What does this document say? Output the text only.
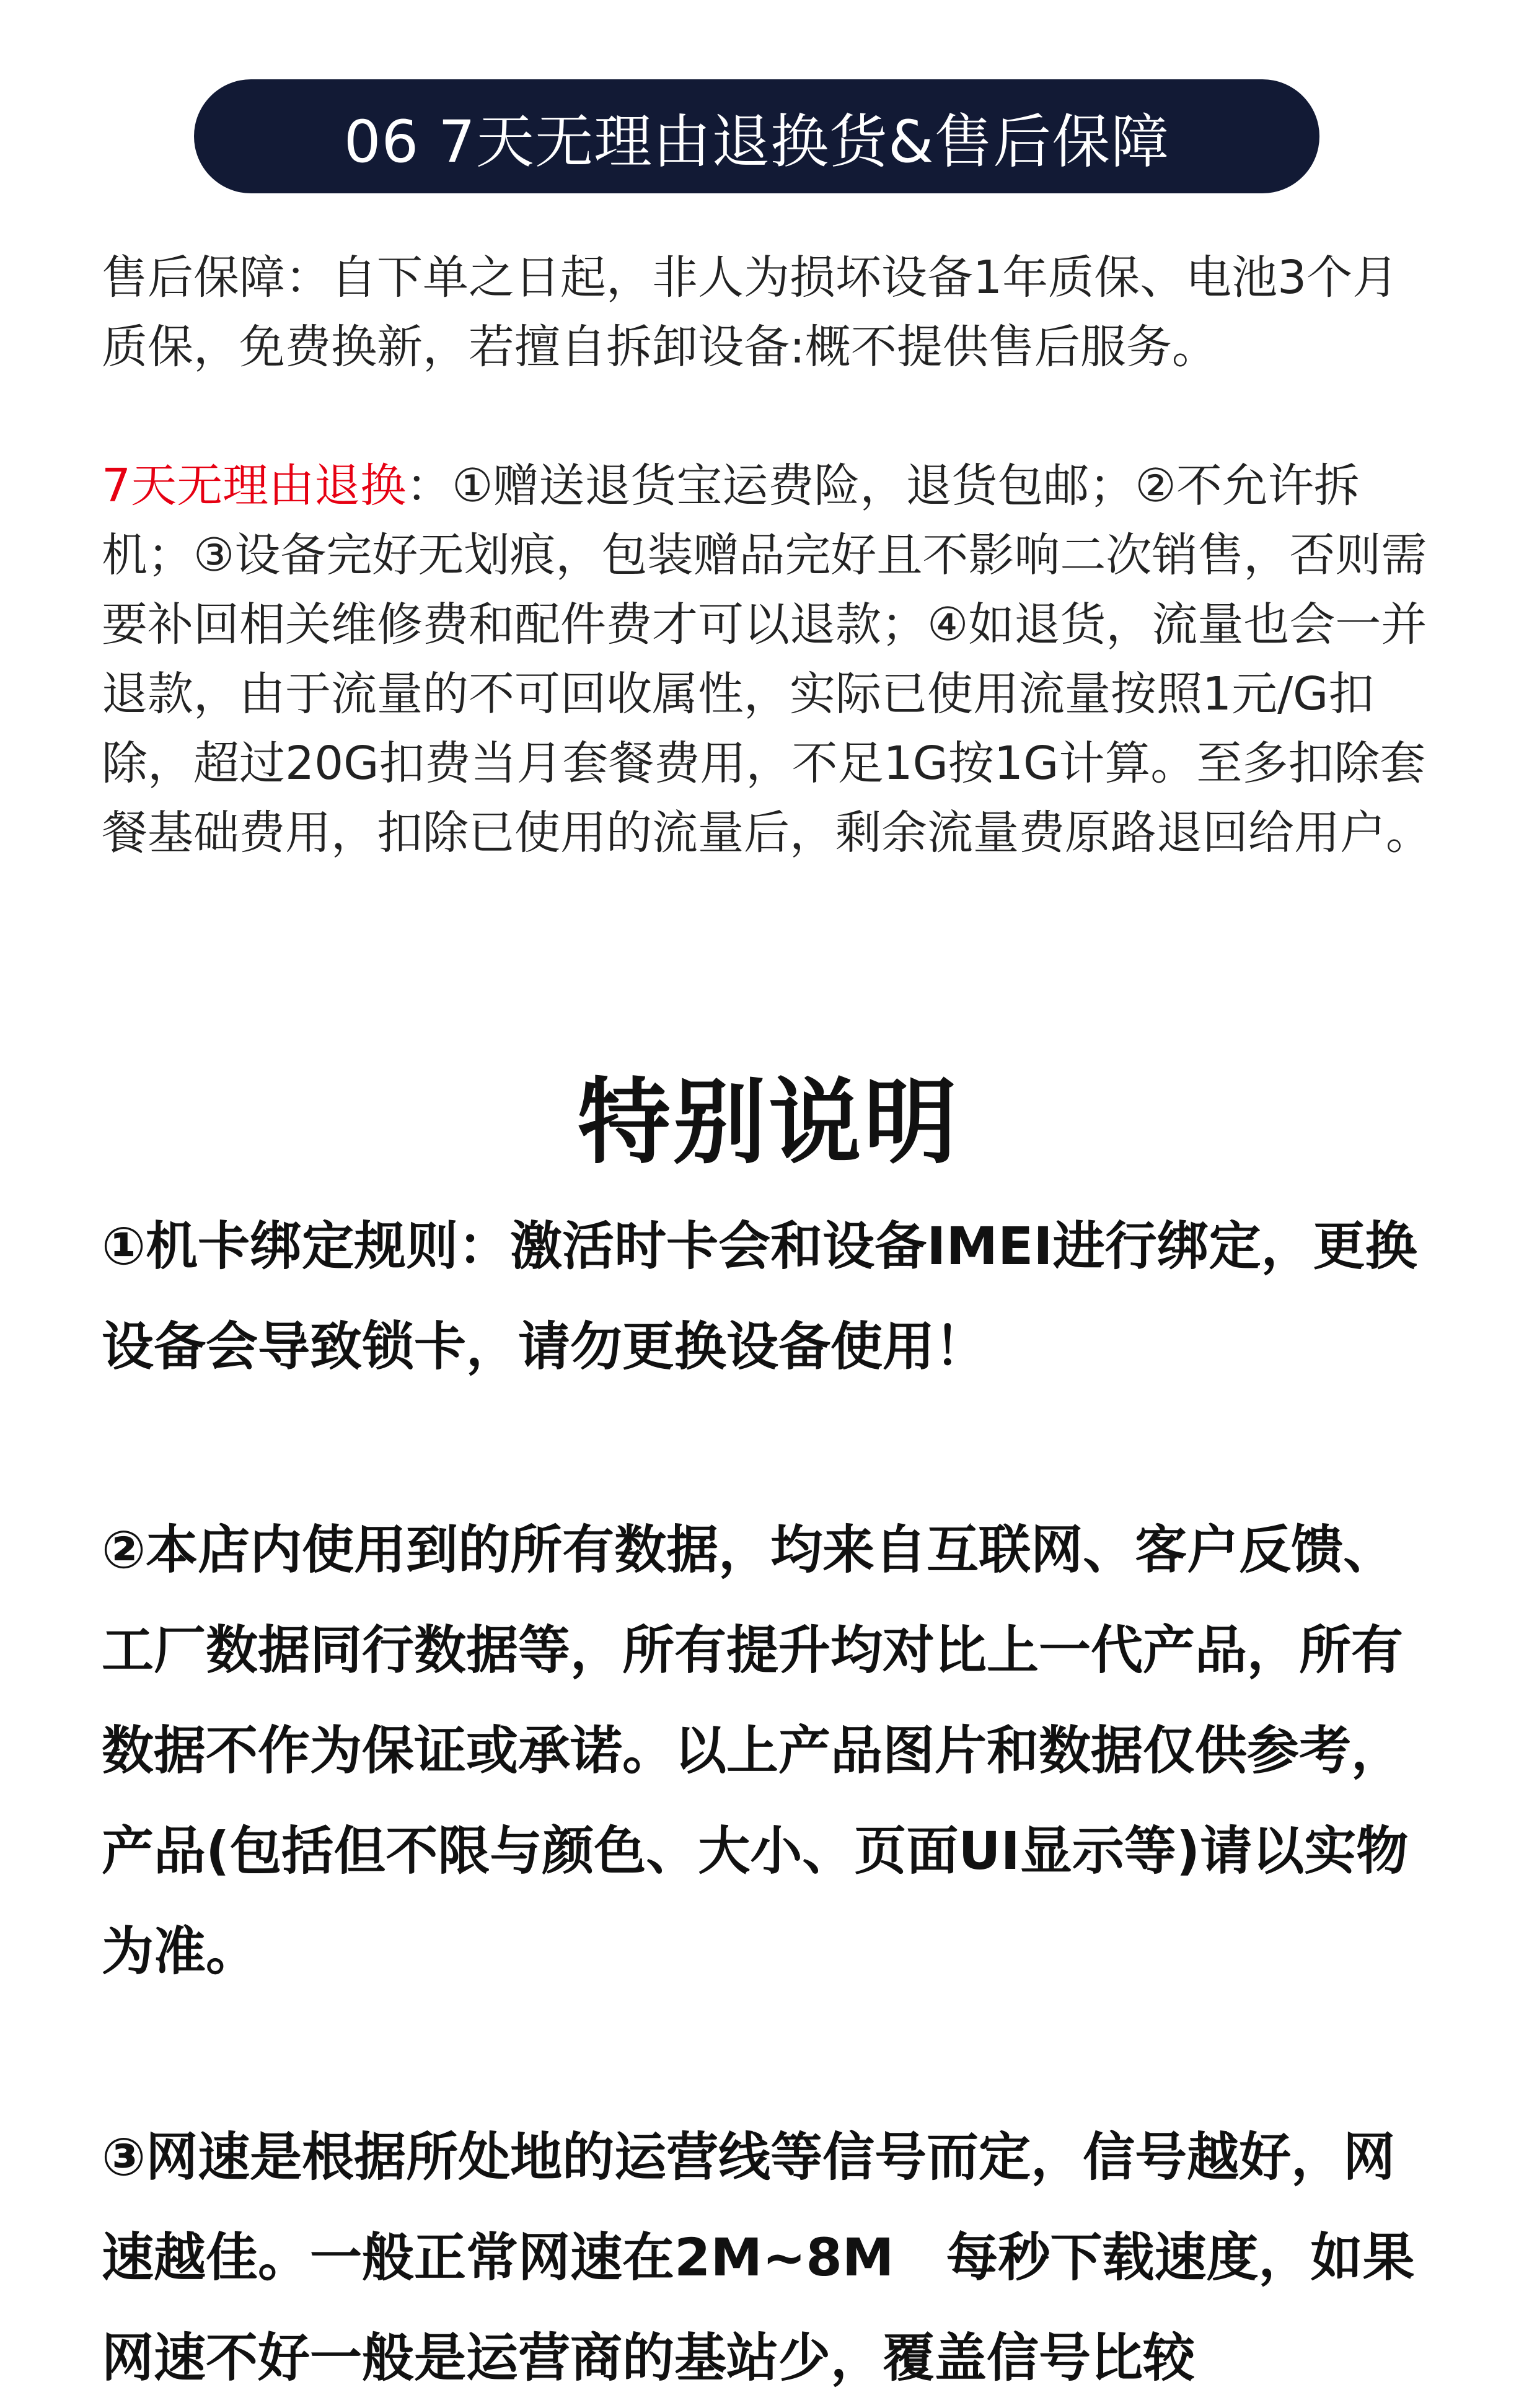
06 7天无理由退换货&售后保障

售后保障：自下单之日起，非人为损坏设备1年质保、电池3个月质保，免费换新，若擅自拆卸设备:概不提供售后服务。

7天无理由退换：①赠送退货宝运费险，退货包邮；②不允许拆机；③设备完好无划痕，包装赠品完好且不影响二次销售，否则需要补回相关维修费和配件费才可以退款；④如退货，流量也会一并退款，由于流量的不可回收属性，实际已使用流量按照1元/G扣除，超过20G扣费当月套餐费用，不足1G按1G计算。至多扣除套餐基础费用，扣除已使用的流量后，剩余流量费原路退回给用户。

特别说明

①机卡绑定规则：激活时卡会和设备IMEI进行绑定，更换设备会导致锁卡，请勿更换设备使用！

②本店内使用到的所有数据，均来自互联网、客户反馈、工厂数据同行数据等，所有提升均对比上一代产品，所有数据不作为保证或承诺。以上产品图片和数据仅供参考，产品(包括但不限与颜色、大小、页面UI显示等)请以实物为准。

③网速是根据所处地的运营线等信号而定，信号越好，网速越佳。一般正常网速在2M~8M　每秒下载速度，如果网速不好一般是运营商的基站少，覆盖信号比较
